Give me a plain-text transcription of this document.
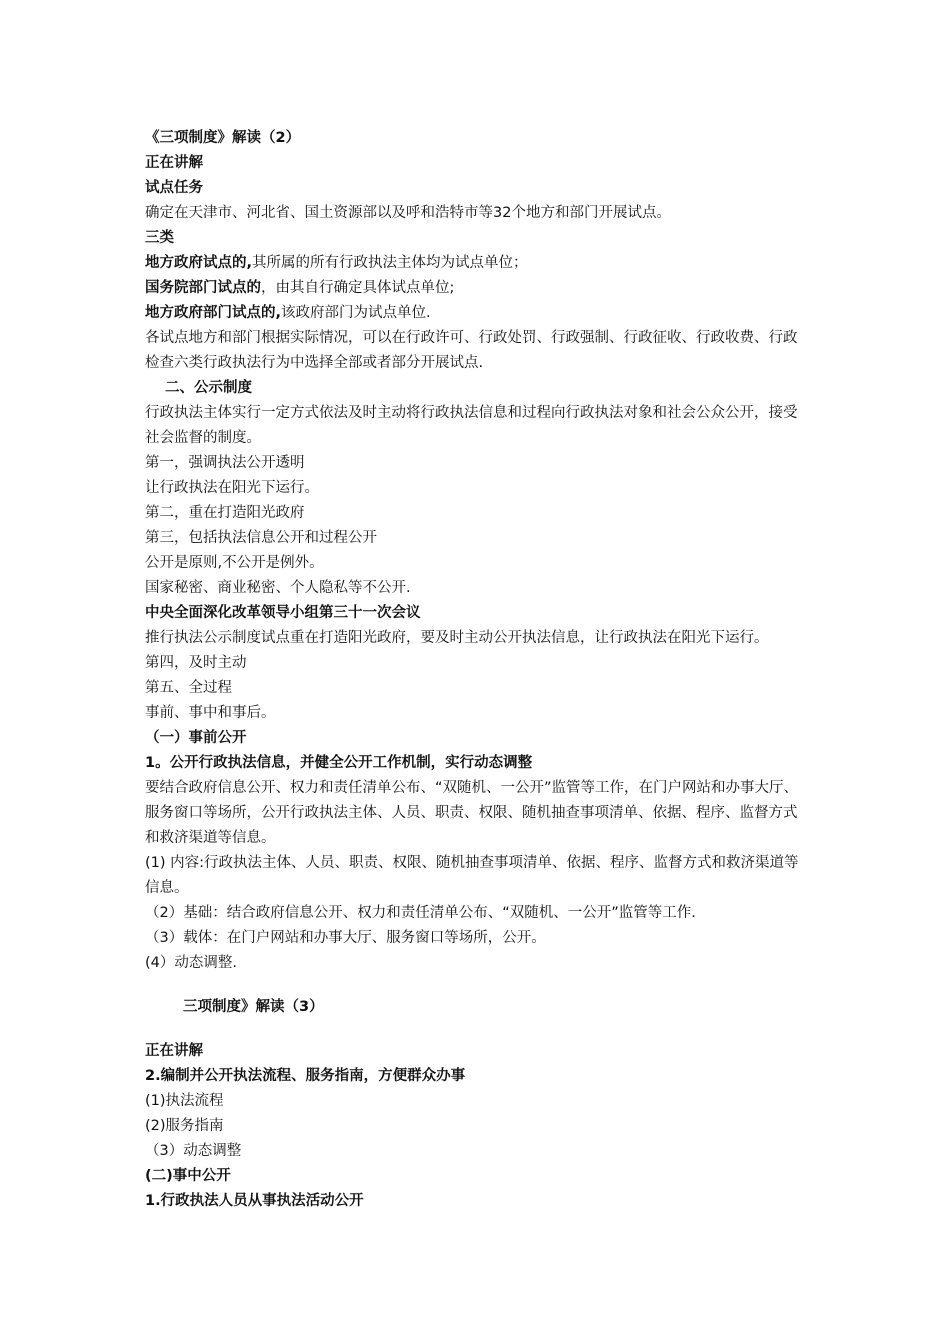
《三项制度》解读（2）
正在讲解
试点任务
确定在天津市、河北省、国土资源部以及呼和浩特市等32个地方和部门开展试点。
三类
地方政府试点的,其所属的所有行政执法主体均为试点单位；
国务院部门试点的，由其自行确定具体试点单位;
地方政府部门试点的,该政府部门为试点单位.
各试点地方和部门根据实际情况，可以在行政许可、行政处罚、行政强制、行政征收、行政收费、行政检查六类行政执法行为中选择全部或者部分开展试点.
二、公示制度
行政执法主体实行一定方式依法及时主动将行政执法信息和过程向行政执法对象和社会公众公开，接受社会监督的制度。
第一，强调执法公开透明
让行政执法在阳光下运行。
第二，重在打造阳光政府
第三，包括执法信息公开和过程公开
公开是原则,不公开是例外。
国家秘密、商业秘密、个人隐私等不公开.
中央全面深化改革领导小组第三十一次会议
推行执法公示制度试点重在打造阳光政府，要及时主动公开执法信息，让行政执法在阳光下运行。
第四，及时主动
第五、全过程
事前、事中和事后。
（一）事前公开
1。公开行政执法信息，并健全公开工作机制，实行动态调整
要结合政府信息公开、权力和责任清单公布、“双随机、一公开”监管等工作，在门户网站和办事大厅、服务窗口等场所，公开行政执法主体、人员、职责、权限、随机抽查事项清单、依据、程序、监督方式和救济渠道等信息。
(1) 内容:行政执法主体、人员、职责、权限、随机抽查事项清单、依据、程序、监督方式和救济渠道等信息。
（2）基础：结合政府信息公开、权力和责任清单公布、“双随机、一公开”监管等工作.
（3）载体：在门户网站和办事大厅、服务窗口等场所，公开。
(4）动态调整.
三项制度》解读（3）
正在讲解
2.编制并公开执法流程、服务指南，方便群众办事
(1)执法流程
(2)服务指南
（3）动态调整
(二)事中公开
1.行政执法人员从事执法活动公开
